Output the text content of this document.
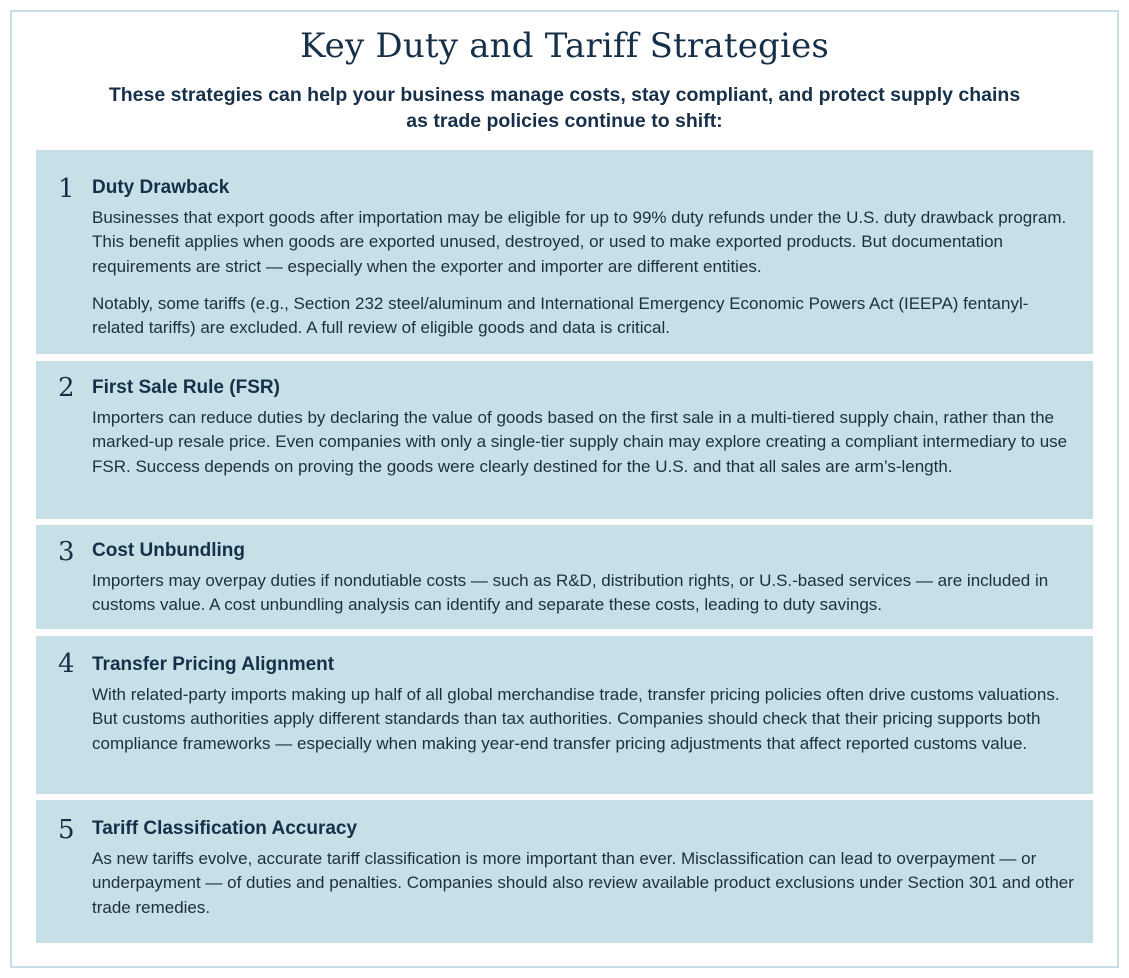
Key Duty and Tariff Strategies

These strategies can help your business manage costs, stay compliant, and protect supply chains as trade policies continue to shift:

1 Duty Drawback

Businesses that export goods after importation may be eligible for up to 99% duty refunds under the U.S. duty drawback program. This benefit applies when goods are exported unused, destroyed, or used to make exported products. But documentation requirements are strict — especially when the exporter and importer are different entities.

Notably, some tariffs (e.g., Section 232 steel/aluminum and International Emergency Economic Powers Act (IEEPA) fentanyl-related tariffs) are excluded. A full review of eligible goods and data is critical.

2 First Sale Rule (FSR)

Importers can reduce duties by declaring the value of goods based on the first sale in a multi-tiered supply chain, rather than the marked-up resale price. Even companies with only a single-tier supply chain may explore creating a compliant intermediary to use FSR. Success depends on proving the goods were clearly destined for the U.S. and that all sales are arm’s-length.

3 Cost Unbundling

Importers may overpay duties if nondutiable costs — such as R&D, distribution rights, or U.S.-based services — are included in customs value. A cost unbundling analysis can identify and separate these costs, leading to duty savings.

4 Transfer Pricing Alignment

With related-party imports making up half of all global merchandise trade, transfer pricing policies often drive customs valuations. But customs authorities apply different standards than tax authorities. Companies should check that their pricing supports both compliance frameworks — especially when making year-end transfer pricing adjustments that affect reported customs value.

5 Tariff Classification Accuracy

As new tariffs evolve, accurate tariff classification is more important than ever. Misclassification can lead to overpayment — or underpayment — of duties and penalties. Companies should also review available product exclusions under Section 301 and other trade remedies.
